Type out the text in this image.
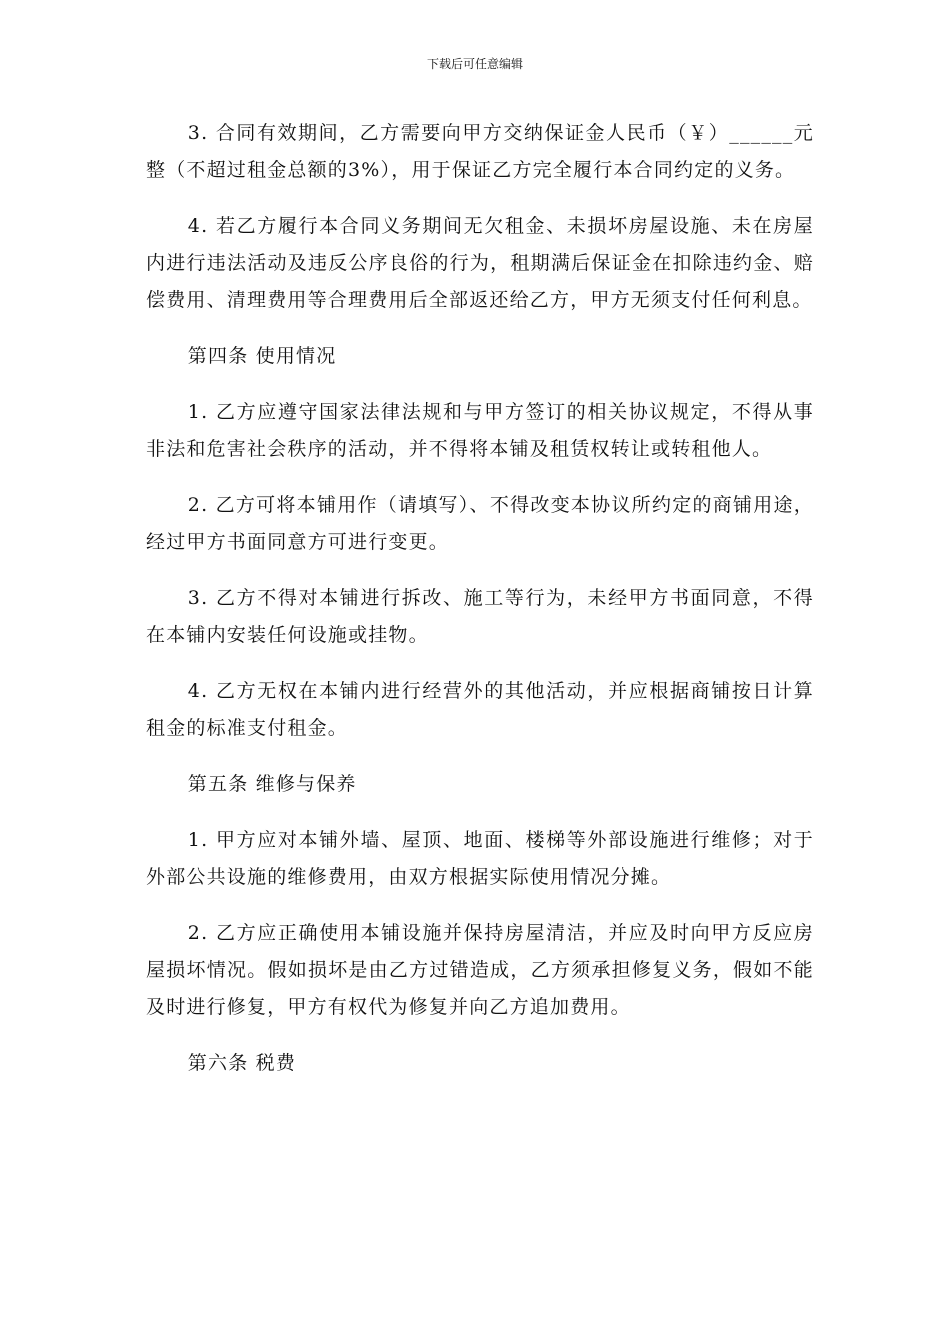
下载后可任意编辑

3. 合同有效期间，乙方需要向甲方交纳保证金人民币（￥）______元整（不超过租金总额的3%），用于保证乙方完全履行本合同约定的义务。

4. 若乙方履行本合同义务期间无欠租金、未损坏房屋设施、未在房屋内进行违法活动及违反公序良俗的行为，租期满后保证金在扣除违约金、赔偿费用、清理费用等合理费用后全部返还给乙方，甲方无须支付任何利息。

第四条 使用情况

1. 乙方应遵守国家法律法规和与甲方签订的相关协议规定，不得从事非法和危害社会秩序的活动，并不得将本铺及租赁权转让或转租他人。

2. 乙方可将本铺用作（请填写）、不得改变本协议所约定的商铺用途，经过甲方书面同意方可进行变更。

3. 乙方不得对本铺进行拆改、施工等行为，未经甲方书面同意，不得在本铺内安装任何设施或挂物。

4. 乙方无权在本铺内进行经营外的其他活动，并应根据商铺按日计算租金的标准支付租金。

第五条 维修与保养

1. 甲方应对本铺外墙、屋顶、地面、楼梯等外部设施进行维修；对于外部公共设施的维修费用，由双方根据实际使用情况分摊。

2. 乙方应正确使用本铺设施并保持房屋清洁，并应及时向甲方反应房屋损坏情况。假如损坏是由乙方过错造成，乙方须承担修复义务，假如不能及时进行修复，甲方有权代为修复并向乙方追加费用。

第六条 税费
